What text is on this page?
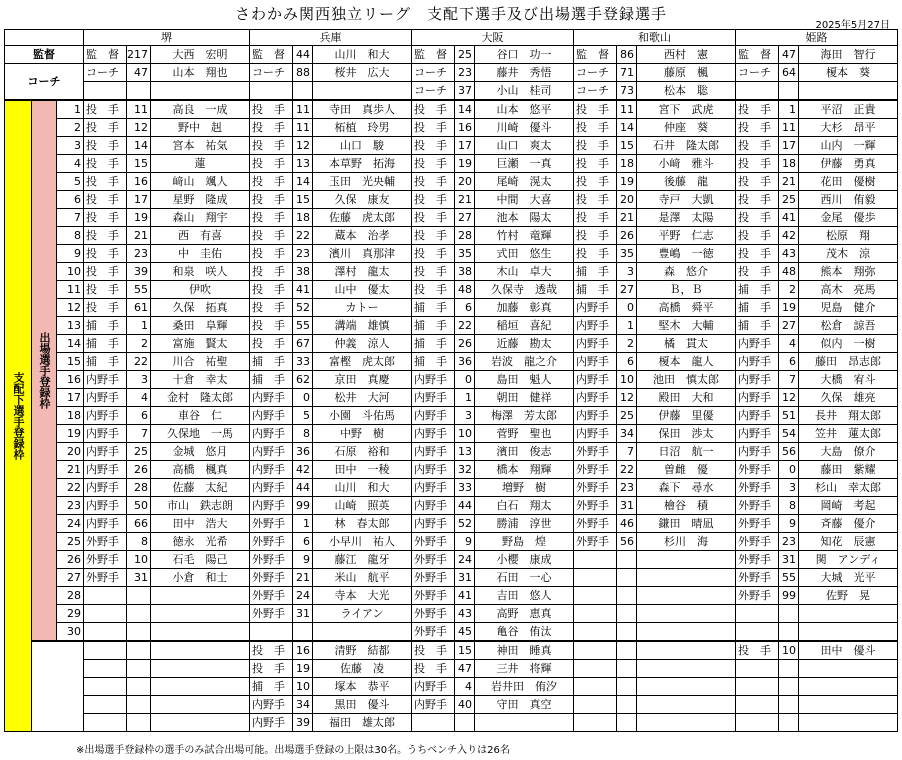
さわかみ関西独立リーグ　支配下選手及び出場選手登録選手
2025年5月27日
			堺			兵庫			大阪			和歌山			姫路		
監督			監　督	217	大西　宏明	監　督	44	山川　和大	監　督	25	谷口　功一	監　督	86	西村　憲	監　督	47	海田　智行
コーチ			コーチ	47	山本　翔也	コーチ	88	桜井　広大	コーチ	23	藤井　秀悟	コーチ	71	藤原　楓	コーチ	64	榎本　葵
									コーチ	37	小山　桂司	コーチ	73	松本　聡			
支配下選手登録枠	出場選手登録枠	1	投　手	11	高良　一成	投　手	11	寺田　真歩人	投　手	14	山本　悠平	投　手	11	宮下　武虎	投　手	1	平沼　正貴
		2	投　手	12	野中　赳	投　手	11	柘植　玲男	投　手	16	川崎　優斗	投　手	14	仲座　葵	投　手	11	大杉　昂平
		3	投　手	14	宮本　祐気	投　手	12	山口　駿	投　手	17	山口　爽太	投　手	15	石井　隆太郎	投　手	17	山内　一輝
		4	投　手	15	蓮	投　手	13	本草野　拓海	投　手	19	巨瀬　一真	投　手	18	小﨑　雅斗	投　手	18	伊藤　勇真
		5	投　手	16	﨑山　颯人	投　手	14	玉田　光央輔	投　手	20	尾崎　滉太	投　手	19	後藤　龍	投　手	21	花田　優樹
		6	投　手	17	星野　隆成	投　手	15	久保　康友	投　手	21	中間　大喜	投　手	20	寺戸　大凱	投　手	25	西川　侑毅
		7	投　手	19	森山　翔宇	投　手	18	佐藤　虎太郎	投　手	27	池本　陽太	投　手	21	是澤　太陽	投　手	41	金尾　優歩
		8	投　手	21	西　有喜	投　手	22	蔵本　治孝	投　手	28	竹村　竜輝	投　手	26	平野　仁志	投　手	42	松原　翔
		9	投　手	23	中　圭佑	投　手	23	濱川　真那津	投　手	35	式田　悠生	投　手	35	豊嶋　一徳	投　手	43	茂木　涼
		10	投　手	39	和泉　咲人	投　手	38	澤村　龍太	投　手	38	木山　卓大	捕　手	3	森　悠介	投　手	48	熊本　翔弥
		11	投　手	55	伊吹	投　手	41	山中　優太	投　手	48	久保寺　透哉	捕　手	27	Ｂ，Ｂ	捕　手	2	高木　亮馬
		12	投　手	61	久保　拓真	投　手	52	カトー	捕　手	6	加藤　彰真	内野手	0	高橋　舜平	捕　手	19	児島　健介
		13	捕　手	1	桑田　阜輝	投　手	55	溝端　雄慎	捕　手	22	稲垣　喜紀	内野手	1	堅木　大輔	捕　手	27	松倉　諒吾
		14	捕　手	2	富施　賢太	投　手	67	仲義　涼人	捕　手	26	近藤　勘太	内野手	2	橘　貫太	内野手	4	似内　一樹
		15	捕　手	22	川合　祐聖	捕　手	33	富樫　虎太郎	捕　手	36	岩波　龍之介	内野手	6	榎本　龍人	内野手	6	藤田　昂志郎
		16	内野手	3	十倉　幸太	捕　手	62	京田　真慶	内野手	0	島田　魁人	内野手	10	池田　慎太郎	内野手	7	大橋　宥斗
		17	内野手	4	金村　隆太郎	内野手	0	松井　大河	内野手	1	朝田　健祥	内野手	12	殿田　大和	内野手	12	久保　雄亮
		18	内野手	6	車谷　仁	内野手	5	小園　斗佑馬	内野手	3	梅澤　芳太郎	内野手	25	伊藤　里優	内野手	51	長井　翔太郎
		19	内野手	7	久保地　一馬	内野手	8	中野　樹	内野手	10	菅野　聖也	内野手	34	保田　渉太	内野手	54	笠井　蓮太郎
		20	内野手	25	金城　悠月	内野手	36	石原　裕和	内野手	13	濱田　俊志	外野手	7	日沼　航一	内野手	56	大島　僚介
		21	内野手	26	高橋　楓真	内野手	42	田中　一稜	内野手	32	橋本　翔輝	外野手	22	曽雌　優	外野手	0	藤田　紫耀
		22	内野手	28	佐藤　太紀	内野手	44	山川　和大	内野手	33	増野　樹	外野手	23	森下　尋水	外野手	3	杉山　幸太郎
		23	内野手	50	市山　鉄志朗	内野手	99	山崎　照英	内野手	44	白石　翔太	外野手	31	檜谷　積	外野手	8	岡崎　考起
		24	内野手	66	田中　浩大	外野手	1	林　春太郎	内野手	52	勝浦　淳世	外野手	46	鎌田　晴凪	外野手	9	斉藤　優介
		25	外野手	8	徳永　光希	外野手	6	小早川　祐人	外野手	9	野島　煌	外野手	56	杉川　海	外野手	23	知花　辰憲
		26	外野手	10	石毛　陽己	外野手	9	藤江　龍牙	外野手	24	小櫻　康成				外野手	31	関　アンディ
		27	外野手	31	小倉　和士	外野手	21	米山　航平	外野手	31	石田　一心				外野手	55	大城　光平
		28				外野手	24	寺本　大光	外野手	41	吉田　悠人				外野手	99	佐野　晃
		29				外野手	31	ライアン	外野手	43	高野　恵真						
		30							外野手	45	亀谷　侑汰						
						投　手	16	清野　結都	投　手	15	神田　睡真				投　手	10	田中　優斗
						投　手	19	佐藤　凌	投　手	47	三井　将輝						
						捕　手	10	塚本　恭平	内野手	4	岩井田　侑汐						
						内野手	34	黒田　優斗	内野手	40	守田　真空						
						内野手	39	福田　雄太郎									
※出場選手登録枠の選手のみ試合出場可能。出場選手登録の上限は30名。うちベンチ入りは26名
